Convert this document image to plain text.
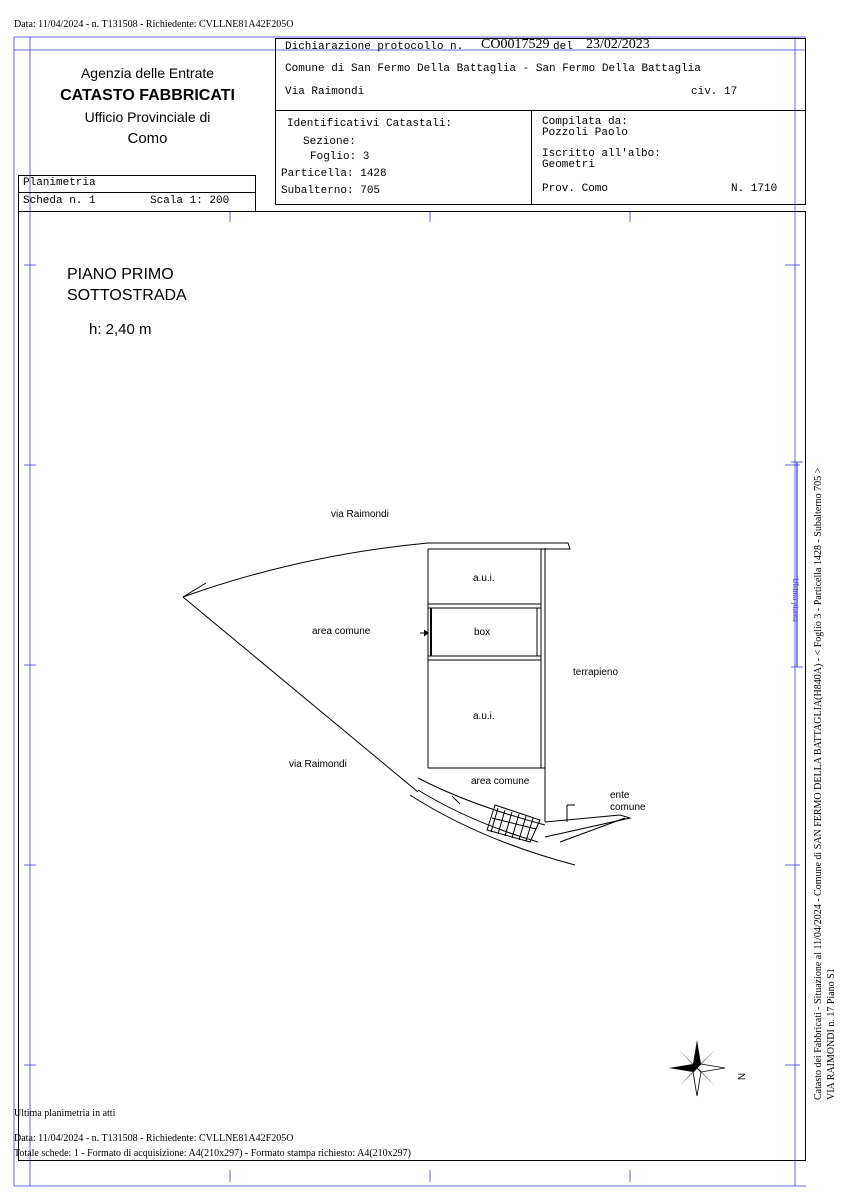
Data: 11/04/2024 - n. T131508 - Richiedente: CVLLNE81A42F205O
Agenzia delle Entrate
CATASTO FABBRICATI
Ufficio Provinciale di
Como
Planimetria
Scheda n. 1	Scala 1: 200
Dichiarazione protocollo n. CO0017529 del 23/02/2023
Comune di San Fermo Della Battaglia - San Fermo Della Battaglia
Via Raimondi	civ. 17
Identificativi Catastali:
Sezione:
Foglio: 3
Particella: 1428
Subalterno: 705
Compilata da:
Pozzoli Paolo
Iscritto all'albo:
Geometri
Prov. Como	N. 1710
PIANO PRIMO
SOTTOSTRADA
h: 2,40 m
via Raimondi
a.u.i.
area comune	box
terrapieno
a.u.i.
via Raimondi
area comune
ente
comune
N	Catasto dei Fabbricati - Situazione al 11/04/2024 - Comune di SAN FERMO DELLA BATTAGLIA(H840A) - < Foglio 3 - Particella 1428 - Subalterno 705 > VIA RAIMONDI n. 17 Piano S1
Ultima pianta
Ultima planimetria in atti
Data: 11/04/2024 - n. T131508 - Richiedente: CVLLNE81A42F205O
Totale schede: 1 - Formato di acquisizione: A4(210x297) - Formato stampa richiesto: A4(210x297)
